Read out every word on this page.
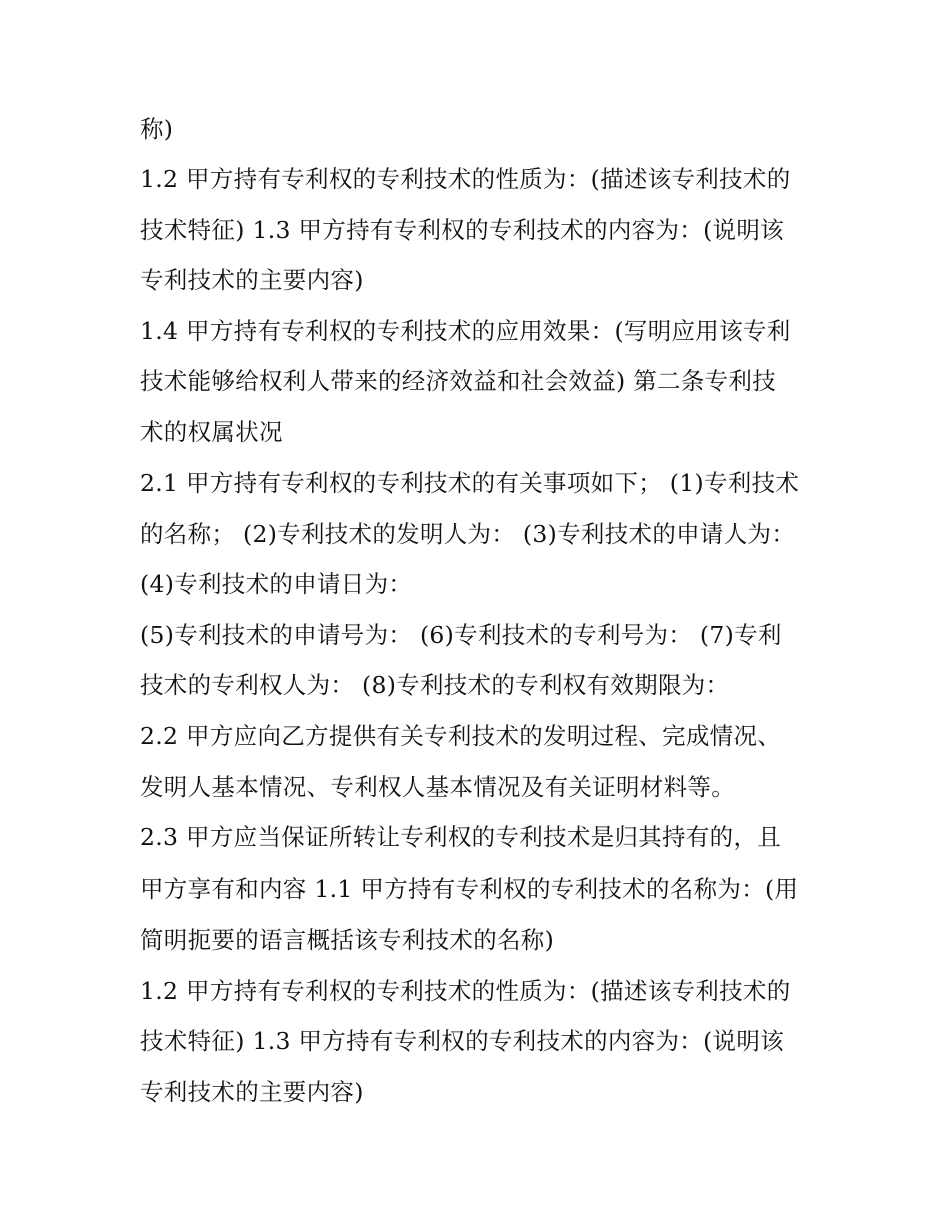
称)
1.2 甲方持有专利权的专利技术的性质为：(描述该专利技术的
技术特征) 1.3 甲方持有专利权的专利技术的内容为：(说明该
专利技术的主要内容)
1.4 甲方持有专利权的专利技术的应用效果：(写明应用该专利
技术能够给权利人带来的经济效益和社会效益) 第二条专利技
术的权属状况
2.1 甲方持有专利权的专利技术的有关事项如下； (1)专利技术
的名称； (2)专利技术的发明人为： (3)专利技术的申请人为：
(4)专利技术的申请日为：
(5)专利技术的申请号为： (6)专利技术的专利号为： (7)专利
技术的专利权人为： (8)专利技术的专利权有效期限为：
2.2 甲方应向乙方提供有关专利技术的发明过程、完成情况、
发明人基本情况、专利权人基本情况及有关证明材料等。
2.3 甲方应当保证所转让专利权的专利技术是归其持有的，且
甲方享有和内容 1.1 甲方持有专利权的专利技术的名称为：(用
简明扼要的语言概括该专利技术的名称)
1.2 甲方持有专利权的专利技术的性质为：(描述该专利技术的
技术特征) 1.3 甲方持有专利权的专利技术的内容为：(说明该
专利技术的主要内容)
